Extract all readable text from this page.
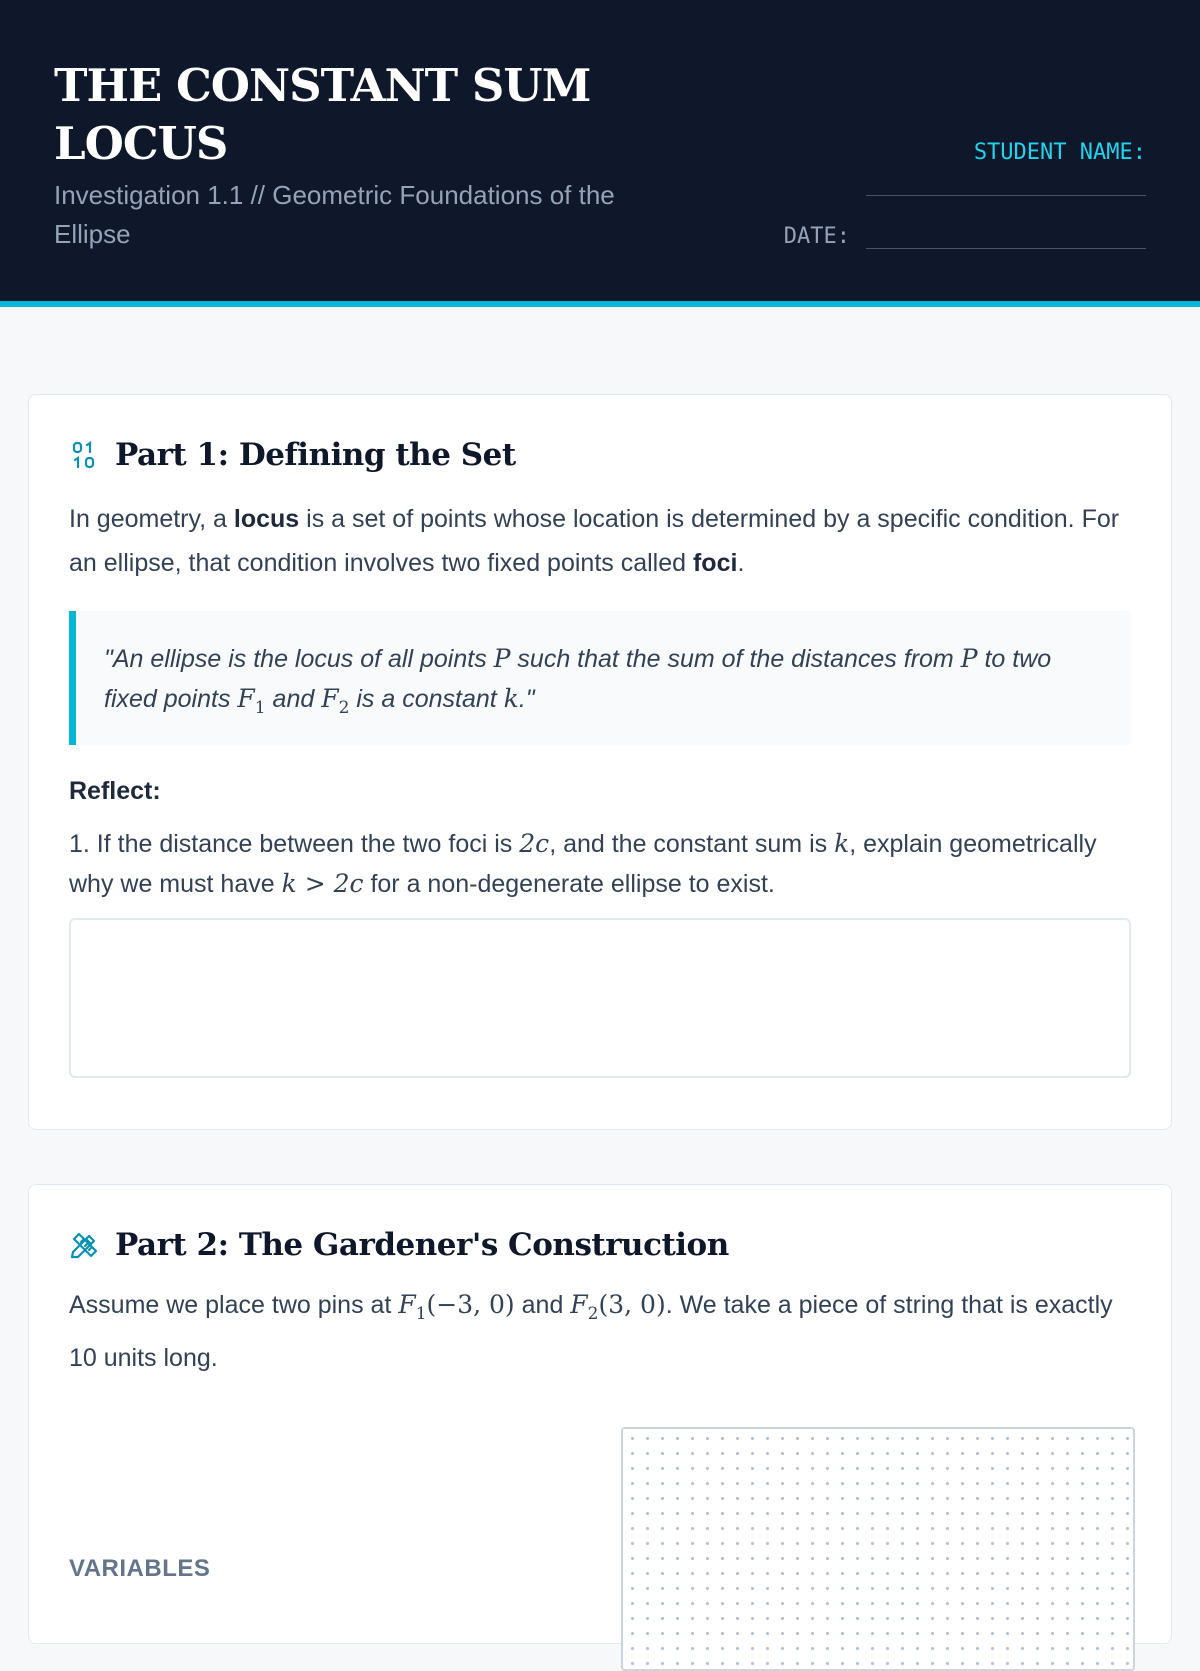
THE CONSTANT SUM LOCUS
Investigation 1.1 // Geometric Foundations of the Ellipse
STUDENT NAME:
DATE:
Part 1: Defining the Set

In geometry, a locus is a set of points whose location is determined by a specific condition. For an ellipse, that condition involves two fixed points called foci.

"An ellipse is the locus of all points P such that the sum of the distances from P to two fixed points $F_1$ and $F_2$ is a constant k."
Reflect:
1. If the distance between the two foci is 2c, and the constant sum is k, explain geometrically why we must have k > 2c for a non-degenerate ellipse to exist.
Part 2: The Gardener's Construction

Assume we place two pins at $F_1(-3$, 0) and $F_2(3$, 0). We take a piece of string that is exactly 10 units long.

VARIABLES
